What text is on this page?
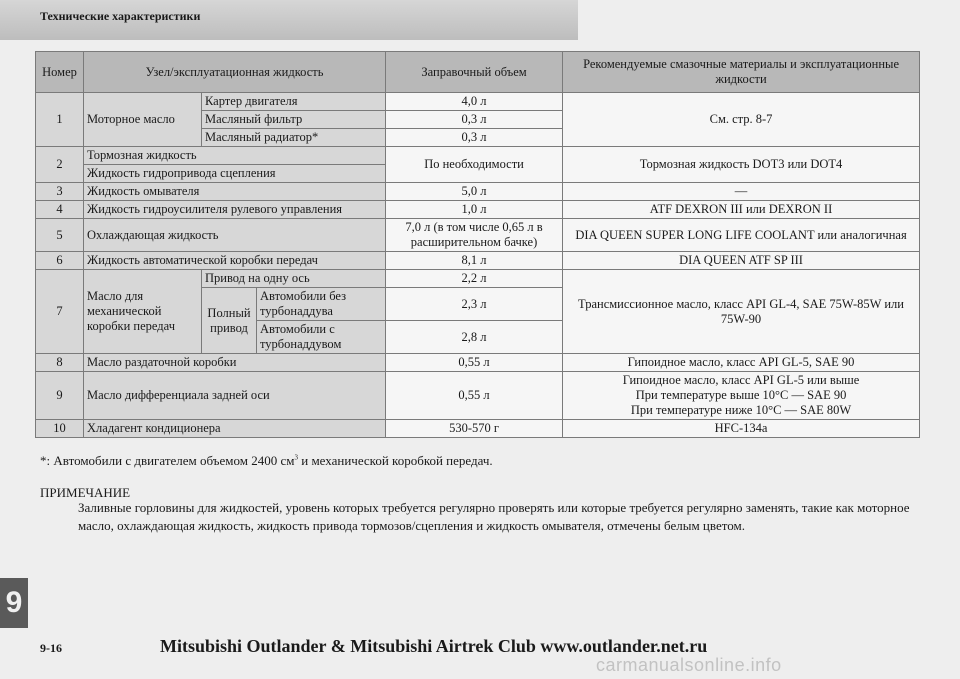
Технические характеристики
Номер	Узел/эксплуатационная жидкость			Заправочный объем	Рекомендуемые смазочные материалы и эксплуатационные жидкости
1	Моторное масло	Картер двигателя		4,0 л	См. стр. 8-7
		Масляный фильтр		0,3 л	
		Масляный радиатор*		0,3 л	
2	Тормозная жидкость			По необходимости	Тормозная жидкость DOT3 или DOT4
	Жидкость гидропривода сцепления				
3	Жидкость омывателя			5,0 л	—
4	Жидкость гидроусилителя рулевого управления			1,0 л	ATF DEXRON III или DEXRON II
5	Охлаждающая жидкость			7,0 л (в том числе 0,65 л в расширительном бачке)	DIA QUEEN SUPER LONG LIFE COOLANT или аналогичная
6	Жидкость автоматической коробки передач			8,1 л	DIA QUEEN ATF SP III
7	Масло для механической коробки передач	Привод на одну ось		2,2 л	Трансмиссионное масло, класс API GL-4, SAE 75W-85W или 75W-90
		Полный привод	Автомобили без турбонаддува	2,3 л	
			Автомобили с турбонаддувом	2,8 л	
8	Масло раздаточной коробки			0,55 л	Гипоидное масло, класс API GL-5, SAE 90
9	Масло дифференциала задней оси			0,55 л	Гипоидное масло, класс API GL-5 или выше
При температуре выше 10°С — SAE 90
При температуре ниже 10°С — SAE 80W

10	Хладагент кондиционера			530-570 г	HFC-134a
*: Автомобили с двигателем объемом 2400 $см^3$ и механической коробкой передач.
ПРИМЕЧАНИЕ
Заливные горловины для жидкостей, уровень которых требуется регулярно проверять или которые требуется регулярно заменять, такие как моторное масло, охлаждающая жидкость, жидкость привода тормозов/сцепления и жидкость омывателя, отмечены белым цветом.
9
9-16	Mitsubishi Outlander & Mitsubishi Airtrek Club www.outlander.net.ru
carmanualsonline.info
